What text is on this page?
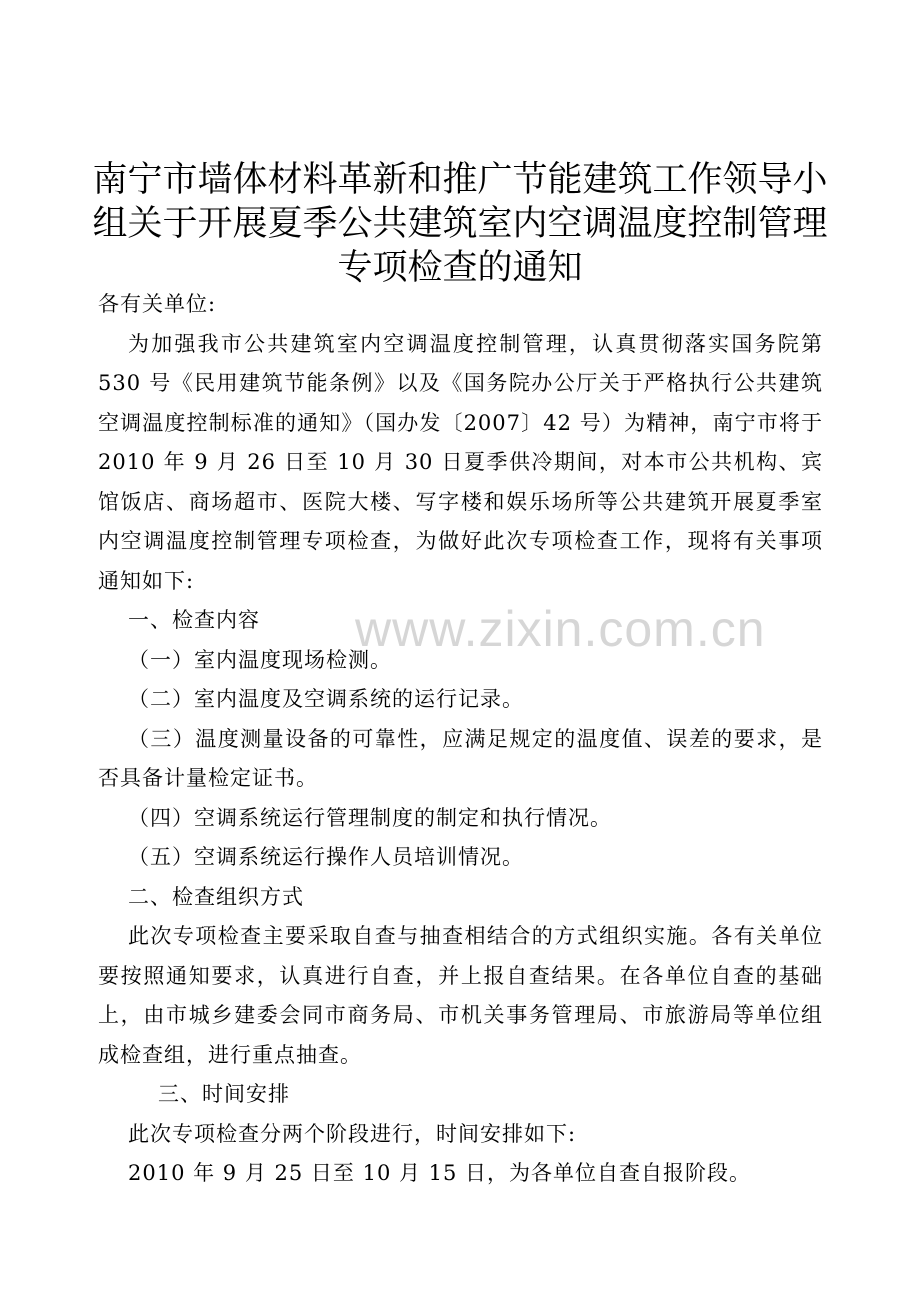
南宁市墙体材料革新和推广节能建筑工作领导小组关于开展夏季公共建筑室内空调温度控制管理专项检查的通知

各有关单位:

为加强我市公共建筑室内空调温度控制管理，认真贯彻落实国务院第 530 号《民用建筑节能条例》以及《国务院办公厅关于严格执行公共建筑空调温度控制标准的通知》（国办发〔2007〕42 号）为精神，南宁市将于 2010 年 9 月 26 日至 10 月 30 日夏季供冷期间，对本市公共机构、宾馆饭店、商场超市、医院大楼、写字楼和娱乐场所等公共建筑开展夏季室内空调温度控制管理专项检查，为做好此次专项检查工作，现将有关事项通知如下:

一、检查内容

（一）室内温度现场检测。

（二）室内温度及空调系统的运行记录。

（三）温度测量设备的可靠性，应满足规定的温度值、误差的要求，是否具备计量检定证书。

（四）空调系统运行管理制度的制定和执行情况。

（五）空调系统运行操作人员培训情况。

二、检查组织方式

此次专项检查主要采取自查与抽查相结合的方式组织实施。各有关单位要按照通知要求，认真进行自查，并上报自查结果。在各单位自查的基础上，由市城乡建委会同市商务局、市机关事务管理局、市旅游局等单位组成检查组，进行重点抽查。

三、时间安排

此次专项检查分两个阶段进行，时间安排如下:

2010 年 9 月 25 日至 10 月 15 日，为各单位自查自报阶段。

www.zixin.com.cn
